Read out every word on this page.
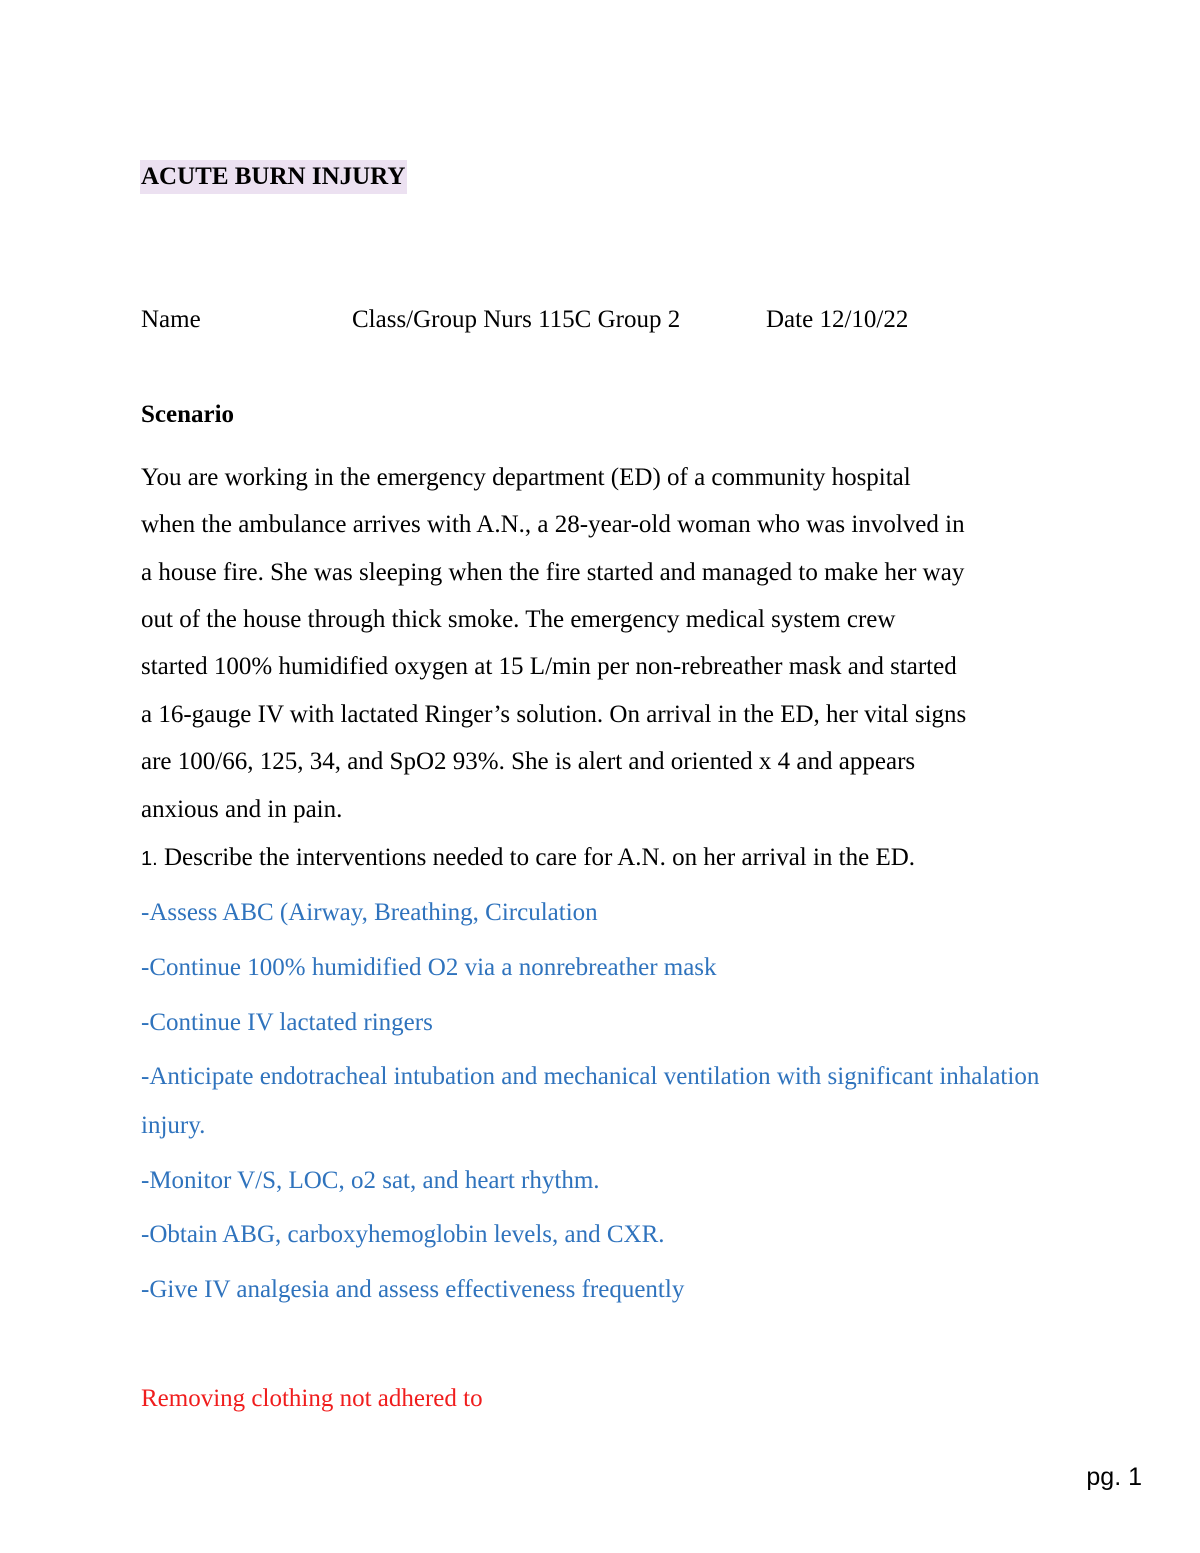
ACUTE BURN INJURY
Name	Class/Group Nurs 115C Group 2	Date 12/10/22
Scenario
You are working in the emergency department (ED) of a community hospital
when the ambulance arrives with A.N., a 28-year-old woman who was involved in
a house fire. She was sleeping when the fire started and managed to make her way
out of the house through thick smoke. The emergency medical system crew
started 100% humidified oxygen at 15 L/min per non-rebreather mask and started
a 16-gauge IV with lactated Ringer’s solution. On arrival in the ED, her vital signs
are 100/66, 125, 34, and SpO2 93%. She is alert and oriented x 4 and appears
anxious and in pain.
1. Describe the interventions needed to care for A.N. on her arrival in the ED.
-Assess ABC (Airway, Breathing, Circulation
-Continue 100% humidified O2 via a nonrebreather mask
-Continue IV lactated ringers
-Anticipate endotracheal intubation and mechanical ventilation with significant inhalation
injury.
-Monitor V/S, LOC, o2 sat, and heart rhythm.
-Obtain ABG, carboxyhemoglobin levels, and CXR.
-Give IV analgesia and assess effectiveness frequently
Removing clothing not adhered to
pg. 1
